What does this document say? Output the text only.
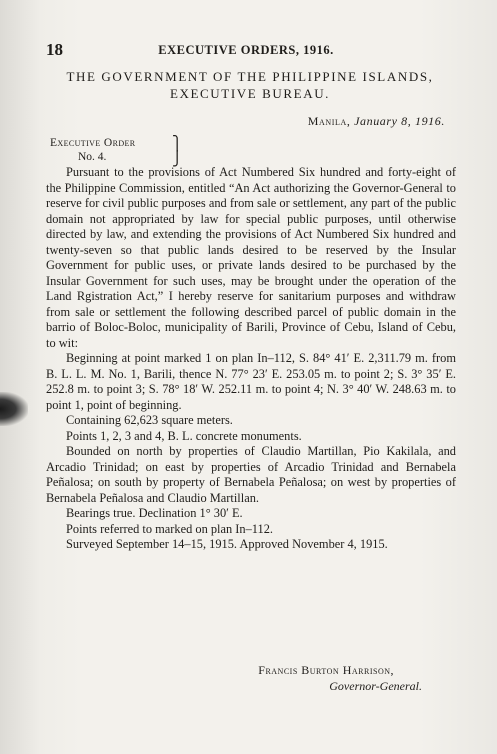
18	EXECUTIVE ORDERS, 1916.
THE GOVERNMENT OF THE PHILIPPINE ISLANDS,
EXECUTIVE BUREAU.
Manila, January 8, 1916.
Executive Order
No. 4.
⎫
⎭

Pursuant to the provisions of Act Numbered Six hundred and forty-eight of the Philippine Commission, entitled “An Act authorizing the Governor-General to reserve for civil public purposes and from sale or settlement, any part of the public domain not appropriated by law for special public purposes, until otherwise directed by law, and extending the provisions of Act Numbered Six hundred and twenty-seven so that public lands desired to be reserved by the Insular Government for public uses, or private lands desired to be purchased by the Insular Government for such uses, may be brought under the operation of the Land Rgistration Act,” I hereby reserve for sanitarium purposes and withdraw from sale or settlement the following described parcel of public domain in the barrio of Boloc-Boloc, municipality of Barili, Province of Cebu, Island of Cebu, to wit:

Beginning at point marked 1 on plan In–112, S. 84° 41′ E. 2,311.79 m. from B. L. L. M. No. 1, Barili, thence N. 77° 23′ E. 253.05 m. to point 2; S. 3° 35′ E. 252.8 m. to point 3; S. 78° 18′ W. 252.11 m. to point 4; N. 3° 40′ W. 248.63 m. to point 1, point of beginning.

Containing 62,623 square meters.

Points 1, 2, 3 and 4, B. L. concrete monuments.

Bounded on north by properties of Claudio Martillan, Pio Kakilala, and Arcadio Trinidad; on east by properties of Arcadio Trinidad and Bernabela Peñalosa; on south by property of Bernabela Peñalosa; on west by properties of Bernabela Peñalosa and Claudio Martillan.

Bearings true. Declination 1° 30′ E.

Points referred to marked on plan In–112.

Surveyed September 14–15, 1915. Approved November 4, 1915.

Francis Burton Harrison,
Governor-General.
